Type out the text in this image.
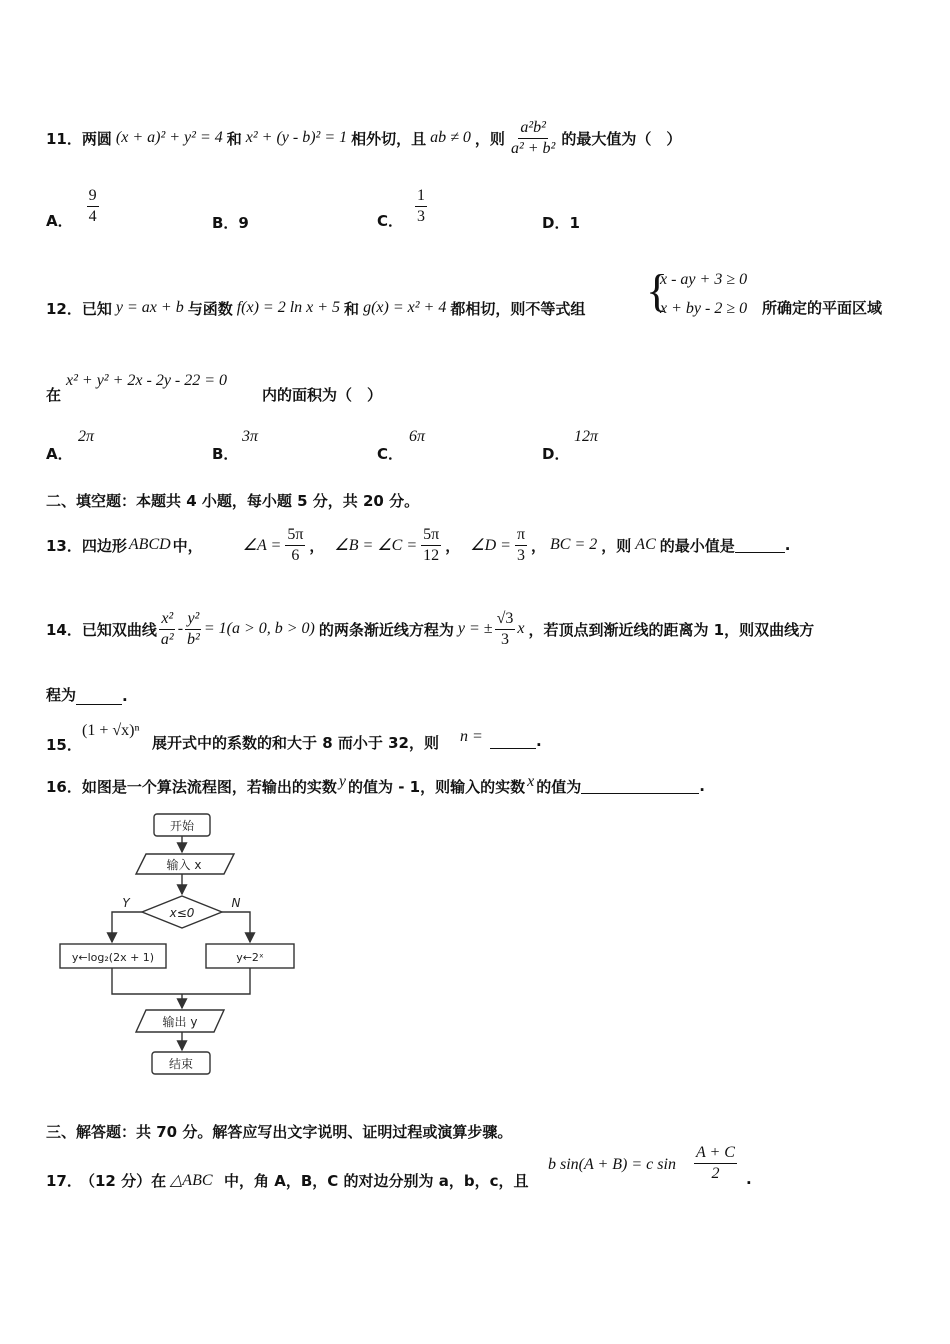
11． 两圆 (x + a)² + y² = 4 和 x² + (y - b)² = 1 相外切，且 ab ≠ 0 ，则 $\frac{\text{a²b²}}{\text{a² + b²}}$ 的最大值为（　）
A． $\frac{9}{4}$	B．9	C． $\frac{1}{3}$	D．1
12． 已知 y = ax + b 与函数 f(x) = 2 ln x + 5 和 g(x) = x² + 4 都相切，则不等式组 {
x - ay + 3 ≥ 0
x + by - 2 ≥ 0 所确定的平面区域
在
x² + y² + 2x - 2y - 22 = 0
内的面积为（　）
A．
2π
B．
3π
C．
6π
D．
12π
二、填空题：本题共 4 小题，每小题 5 分，共 20 分。
13． 四边形 ABCD 中，	∠A = $\frac{5\pi}{6}$ ， ∠B = ∠C = $\frac{5\pi}{12}$ ， ∠D = $\frac{\pi}{3}$ ， BC = 2 ，则 AC 的最小值是	.
14． 已知双曲线 $\frac{\text{x²}}{\text{a²}} - \frac{\text{y²}}{\text{b²}} = 1(a > 0$, b > 0) 的两条渐近线方程为 y = ± $\frac{√3}{3}$ x ，若顶点到渐近线的距离为 1，则双曲线方
程为	.
15．
(1 + √x)ⁿ
展开式中的系数的和大于 8 而小于 32，则 n =	.
16． 如图是一个算法流程图，若输出的实数 y 的值为 - 1，则输入的实数 x 的值为	.
开始
输入 x
x≤0
Y	N
y←log₂(2x + 1)	y←2ˣ
输出 y
结束
三、解答题：共 70 分。解答应写出文字说明、证明过程或演算步骤。
17．
（12 分）在 △ABC 中，角 A，B，C 的对边分别为 a，b，c，且
b sin(A + B) = c $\sin \frac{A + C}{2}$ .
